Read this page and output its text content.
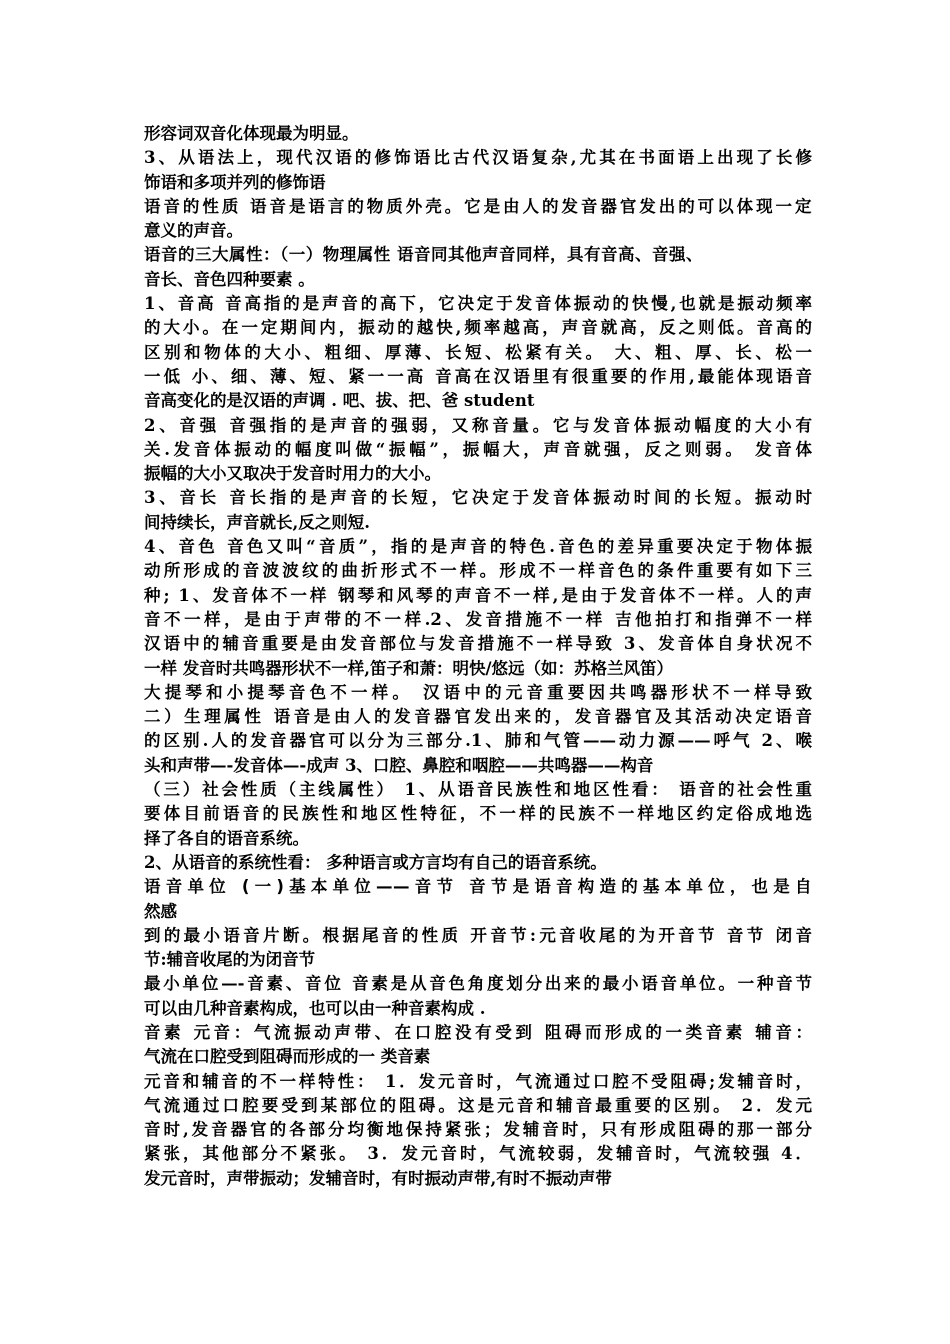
形容词双音化体现最为明显。
3、从语法上，现代汉语的修饰语比古代汉语复杂,尤其在书面语上出现了长修
饰语和多项并列的修饰语
语音的性质 语音是语言的物质外壳。它是由人的发音器官发出的可以体现一定
意义的声音。
语音的三大属性：（一）物理属性 语音同其他声音同样，具有音高、音强、
音长、音色四种要素 。
1、音高 音高指的是声音的高下，它决定于发音体振动的快慢,也就是振动频率
的大小。在一定期间内，振动的越快,频率越高，声音就高，反之则低。音高的
区别和物体的大小、粗细、厚薄、长短、松紧有关。 大、粗、厚、长、松一
一低 小、细、薄、短、紧一一高 音高在汉语里有很重要的作用,最能体现语音
音高变化的是汉语的声调 . 吧、拔、把、爸 student
2、音强 音强指的是声音的强弱，又称音量。它与发音体振动幅度的大小有
关.发音体振动的幅度叫做“振幅”，振幅大，声音就强，反之则弱。 发音体
振幅的大小又取决于发音时用力的大小。
3、音长 音长指的是声音的长短，它决定于发音体振动时间的长短。振动时
间持续长，声音就长,反之则短.
4、音色 音色又叫“音质”，指的是声音的特色.音色的差异重要决定于物体振
动所形成的音波波纹的曲折形式不一样。形成不一样音色的条件重要有如下三
种; 1、发音体不一样 钢琴和风琴的声音不一样,是由于发音体不一样。人的声
音不一样，是由于声带的不一样.2、发音措施不一样 吉他拍打和指弹不一样
汉语中的辅音重要是由发音部位与发音措施不一样导致 3、发音体自身状况不
一样 发音时共鸣器形状不一样,笛子和萧：明快/悠远（如：苏格兰风笛）
大提琴和小提琴音色不一样。 汉语中的元音重要因共鸣器形状不一样导致
二）生理属性 语音是由人的发音器官发出来的，发音器官及其活动决定语音
的区别.人的发音器官可以分为三部分.1、肺和气管——动力源——呼气 2、喉
头和声带—-发音体—-成声 3、口腔、鼻腔和咽腔——共鸣器——构音
（三）社会性质（主线属性） 1、从语音民族性和地区性看： 语音的社会性重
要体目前语音的民族性和地区性特征，不一样的民族不一样地区约定俗成地选
择了各自的语音系统。
2、从语音的系统性看： 多种语言或方言均有自己的语音系统。
语音单位 (一)基本单位——音节 音节是语音构造的基本单位，也是自
然感
到的最小语音片断。根据尾音的性质 开音节:元音收尾的为开音节 音节 闭音
节:辅音收尾的为闭音节
最小单位—-音素、音位 音素是从音色角度划分出来的最小语音单位。一种音节
可以由几种音素构成，也可以由一种音素构成 .
音素 元音：气流振动声带、在口腔没有受到 阻碍而形成的一类音素 辅音：
气流在口腔受到阻碍而形成的一 类音素
元音和辅音的不一样特性： 1．发元音时，气流通过口腔不受阻碍;发辅音时，
气流通过口腔要受到某部位的阻碍。这是元音和辅音最重要的区别。 2．发元
音时,发音器官的各部分均衡地保持紧张；发辅音时，只有形成阻碍的那一部分
紧张，其他部分不紧张。 3．发元音时，气流较弱，发辅音时，气流较强 4．
发元音时，声带振动；发辅音时，有时振动声带,有时不振动声带
